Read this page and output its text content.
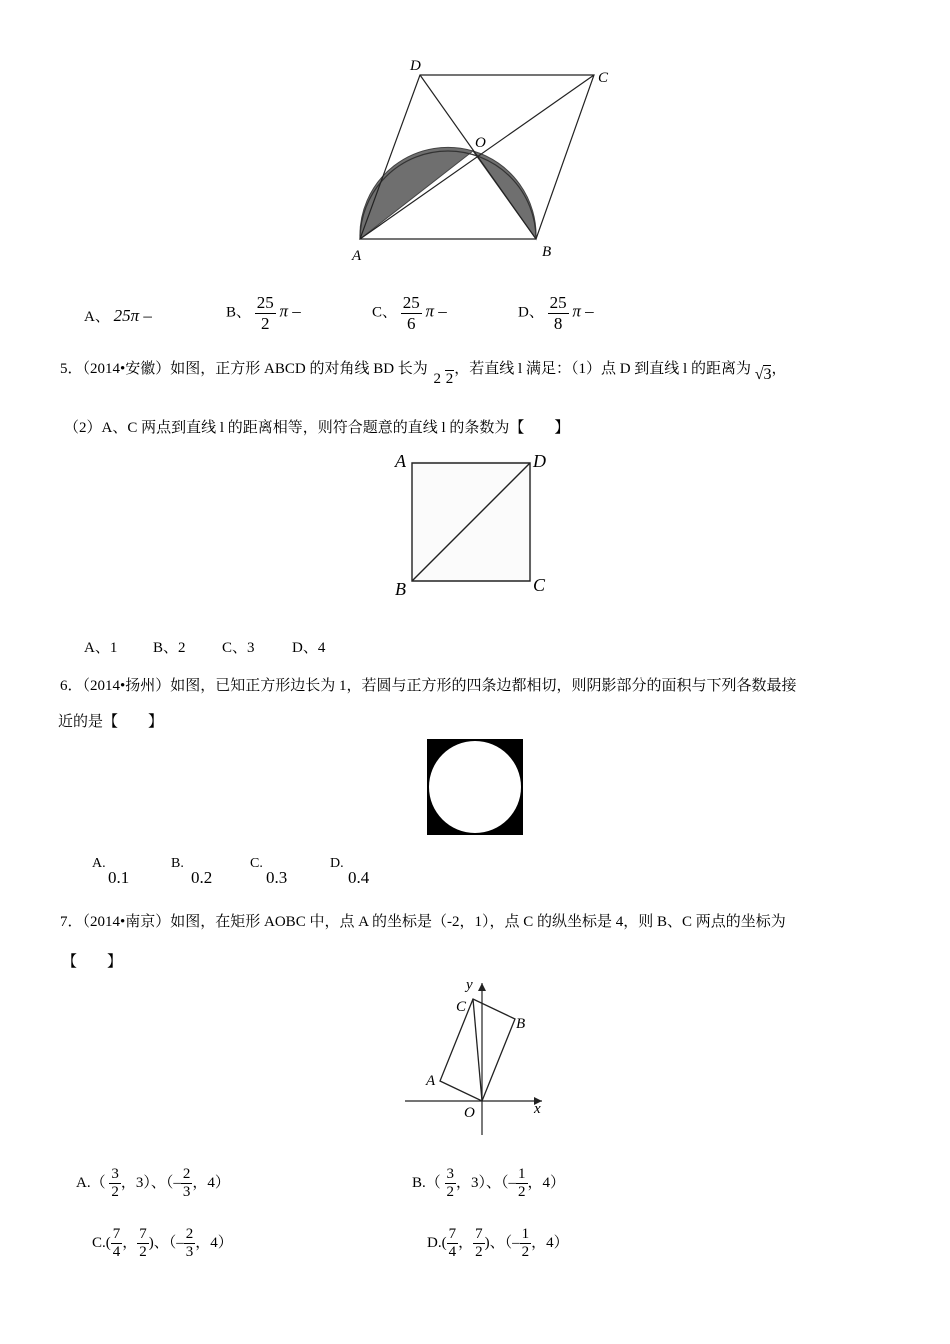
D
C
O
A	B
A、 25π –	B、 $\frac{25}{2}$ π –	C、 $\frac{25}{6}$ π –	D、 $\frac{25}{8}$ π –
5．（2014•安徽）如图，正方形 ABCD 的对角线 BD 长为 2 2，若直线 l 满足：（1）点 D 到直线 l 的距离为 √3，
（2）A、C 两点到直线 l 的距离相等，则符合题意的直线 l 的条数为【　　】
A	D
B	C
A、1 B、2 C、3 D、4
6．（2014•扬州）如图，已知正方形边长为 1，若圆与正方形的四条边都相切，则阴影部分的面积与下列各数最接
近的是【　　】
A.
0.1
B.
0.2
C.
0.3
D.
0.4
7．（2014•南京）如图，在矩形 AOBC 中，点 A 的坐标是（-2，1），点 C 的纵坐标是 4，则 B、C 两点的坐标为
【　　】
y
C
B
A
O	x
$A.( \frac{3}{2}$ ，3）、（– $\frac{2}{3}$ ，4）	$B.( \frac{3}{2}$ ，3）、（– $\frac{1}{2}$ ，4）
$C.( \frac{7}{4}$ ， $\frac{7}{2}$ )、（– $\frac{2}{3}$ ，4）	$D.( \frac{7}{4}$ ， $\frac{7}{2}$ )、（– $\frac{1}{2}$ ，4）
